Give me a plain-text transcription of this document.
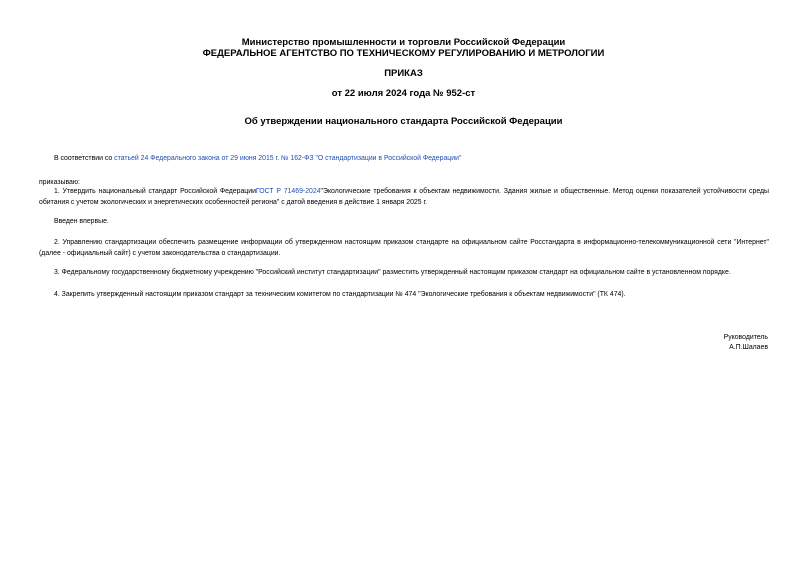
Министерство промышленности и торговли Российской Федерации
ФЕДЕРАЛЬНОЕ АГЕНТСТВО ПО ТЕХНИЧЕСКОМУ РЕГУЛИРОВАНИЮ И МЕТРОЛОГИИ
ПРИКАЗ
от 22 июля 2024 года № 952-ст
Об утверждении национального стандарта Российской Федерации
В соответствии со статьей 24 Федерального закона от 29 июня 2015 г. № 162-ФЗ "О стандартизации в Российской Федерации"
приказываю:
1. Утвердить национальный стандарт Российской ФедерацииГОСТ Р 71469-2024"Экологические требования к объектам недвижимости. Здания жилые и общественные. Метод оценки показателей устойчивости среды обитания с учетом экологических и энергетических особенностей региона" с датой введения в действие 1 января 2025 г.
Введен впервые.
2. Управлению стандартизации обеспечить размещение информации об утвержденном настоящим приказом стандарте на официальном сайте Росстандарта в информационно-телекоммуникационной сети "Интернет" (далее - официальный сайт) с учетом законодательства о стандартизации.
3. Федеральному государственному бюджетному учреждению "Российский институт стандартизации" разместить утвержденный настоящим приказом стандарт на официальном сайте в установленном порядке.
4. Закрепить утвержденный настоящим приказом стандарт за техническим комитетом по стандартизации № 474 "Экологические требования к объектам недвижимости" (ТК 474).
Руководитель
А.П.Шалаев
